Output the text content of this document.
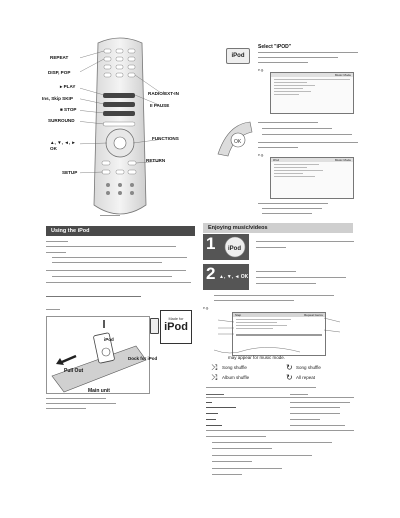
REPEAT
DISP, POP
▸ PLAY
Ins, Skip SKIP
■ STOP
SURROUND
▲, ▼, ◄, ►
OK
SETUP
RADIO/EXT-IN
II PAUSE
FUNCTIONS
RETURN
iPod
Select "iPOD"
e.g.
Music Mode
OK
e.g.
iPod	Music Mode
Using the iPod	Enjoying music/videos
iPod
Dock for iPod
Pull Out
Main unit
Made for
iPod
1 iPod
2 ▲, ▼, ◄ OK
e.g.
Step	Repeat Genre
may appear for music mode.
⤨ Song shuffle
⤨ Album shuffle
↻ Song shuffle
↻ All repeat
